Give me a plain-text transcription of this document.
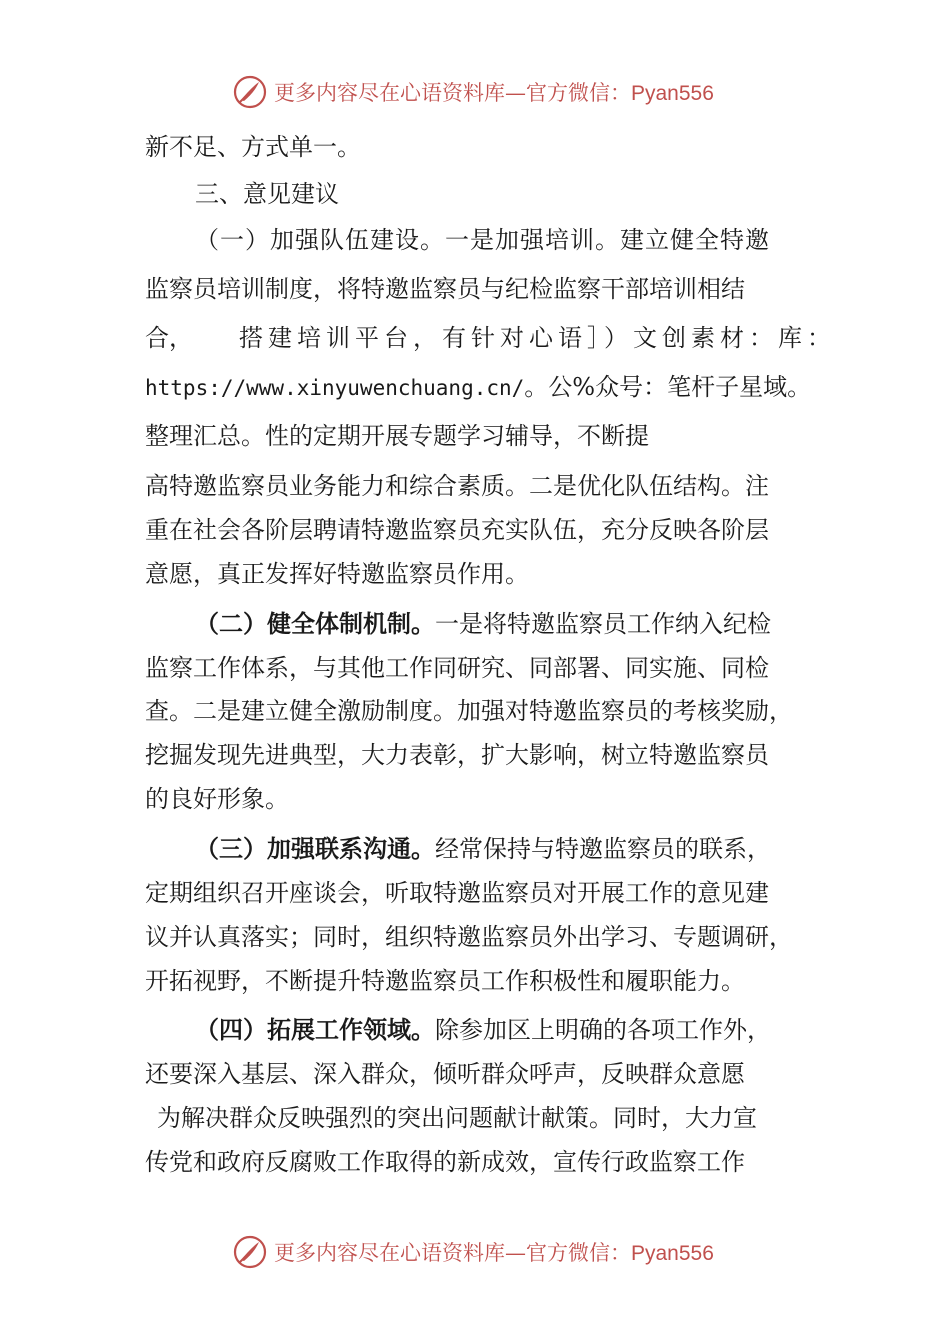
更多内容尽在心语资料库—官方微信：Pyan556
新不足、方式单一。
三、意见建议
（一）加强队伍建设。一是加强培训。建立健全特邀
监察员培训制度，将特邀监察员与纪检监察干部培训相结
合， 搭建培训平台，有针对心语］）文创素材：库：
https://www.xinyuwenchuang.cn/。公%众号：笔杆子星域。
整理汇总。性的定期开展专题学习辅导，不断提
高特邀监察员业务能力和综合素质。二是优化队伍结构。注
重在社会各阶层聘请特邀监察员充实队伍，充分反映各阶层
意愿，真正发挥好特邀监察员作用。
（二）健全体制机制。一是将特邀监察员工作纳入纪检
监察工作体系，与其他工作同研究、同部署、同实施、同检
查。二是建立健全激励制度。加强对特邀监察员的考核奖励，
挖掘发现先进典型，大力表彰，扩大影响，树立特邀监察员
的良好形象。
（三）加强联系沟通。经常保持与特邀监察员的联系，
定期组织召开座谈会，听取特邀监察员对开展工作的意见建
议并认真落实；同时，组织特邀监察员外出学习、专题调研，
开拓视野，不断提升特邀监察员工作积极性和履职能力。
（四）拓展工作领域。除参加区上明确的各项工作外，
还要深入基层、深入群众，倾听群众呼声，反映群众意愿
为解决群众反映强烈的突出问题献计献策。同时，大力宣
传党和政府反腐败工作取得的新成效，宣传行政监察工作
更多内容尽在心语资料库—官方微信：Pyan556
